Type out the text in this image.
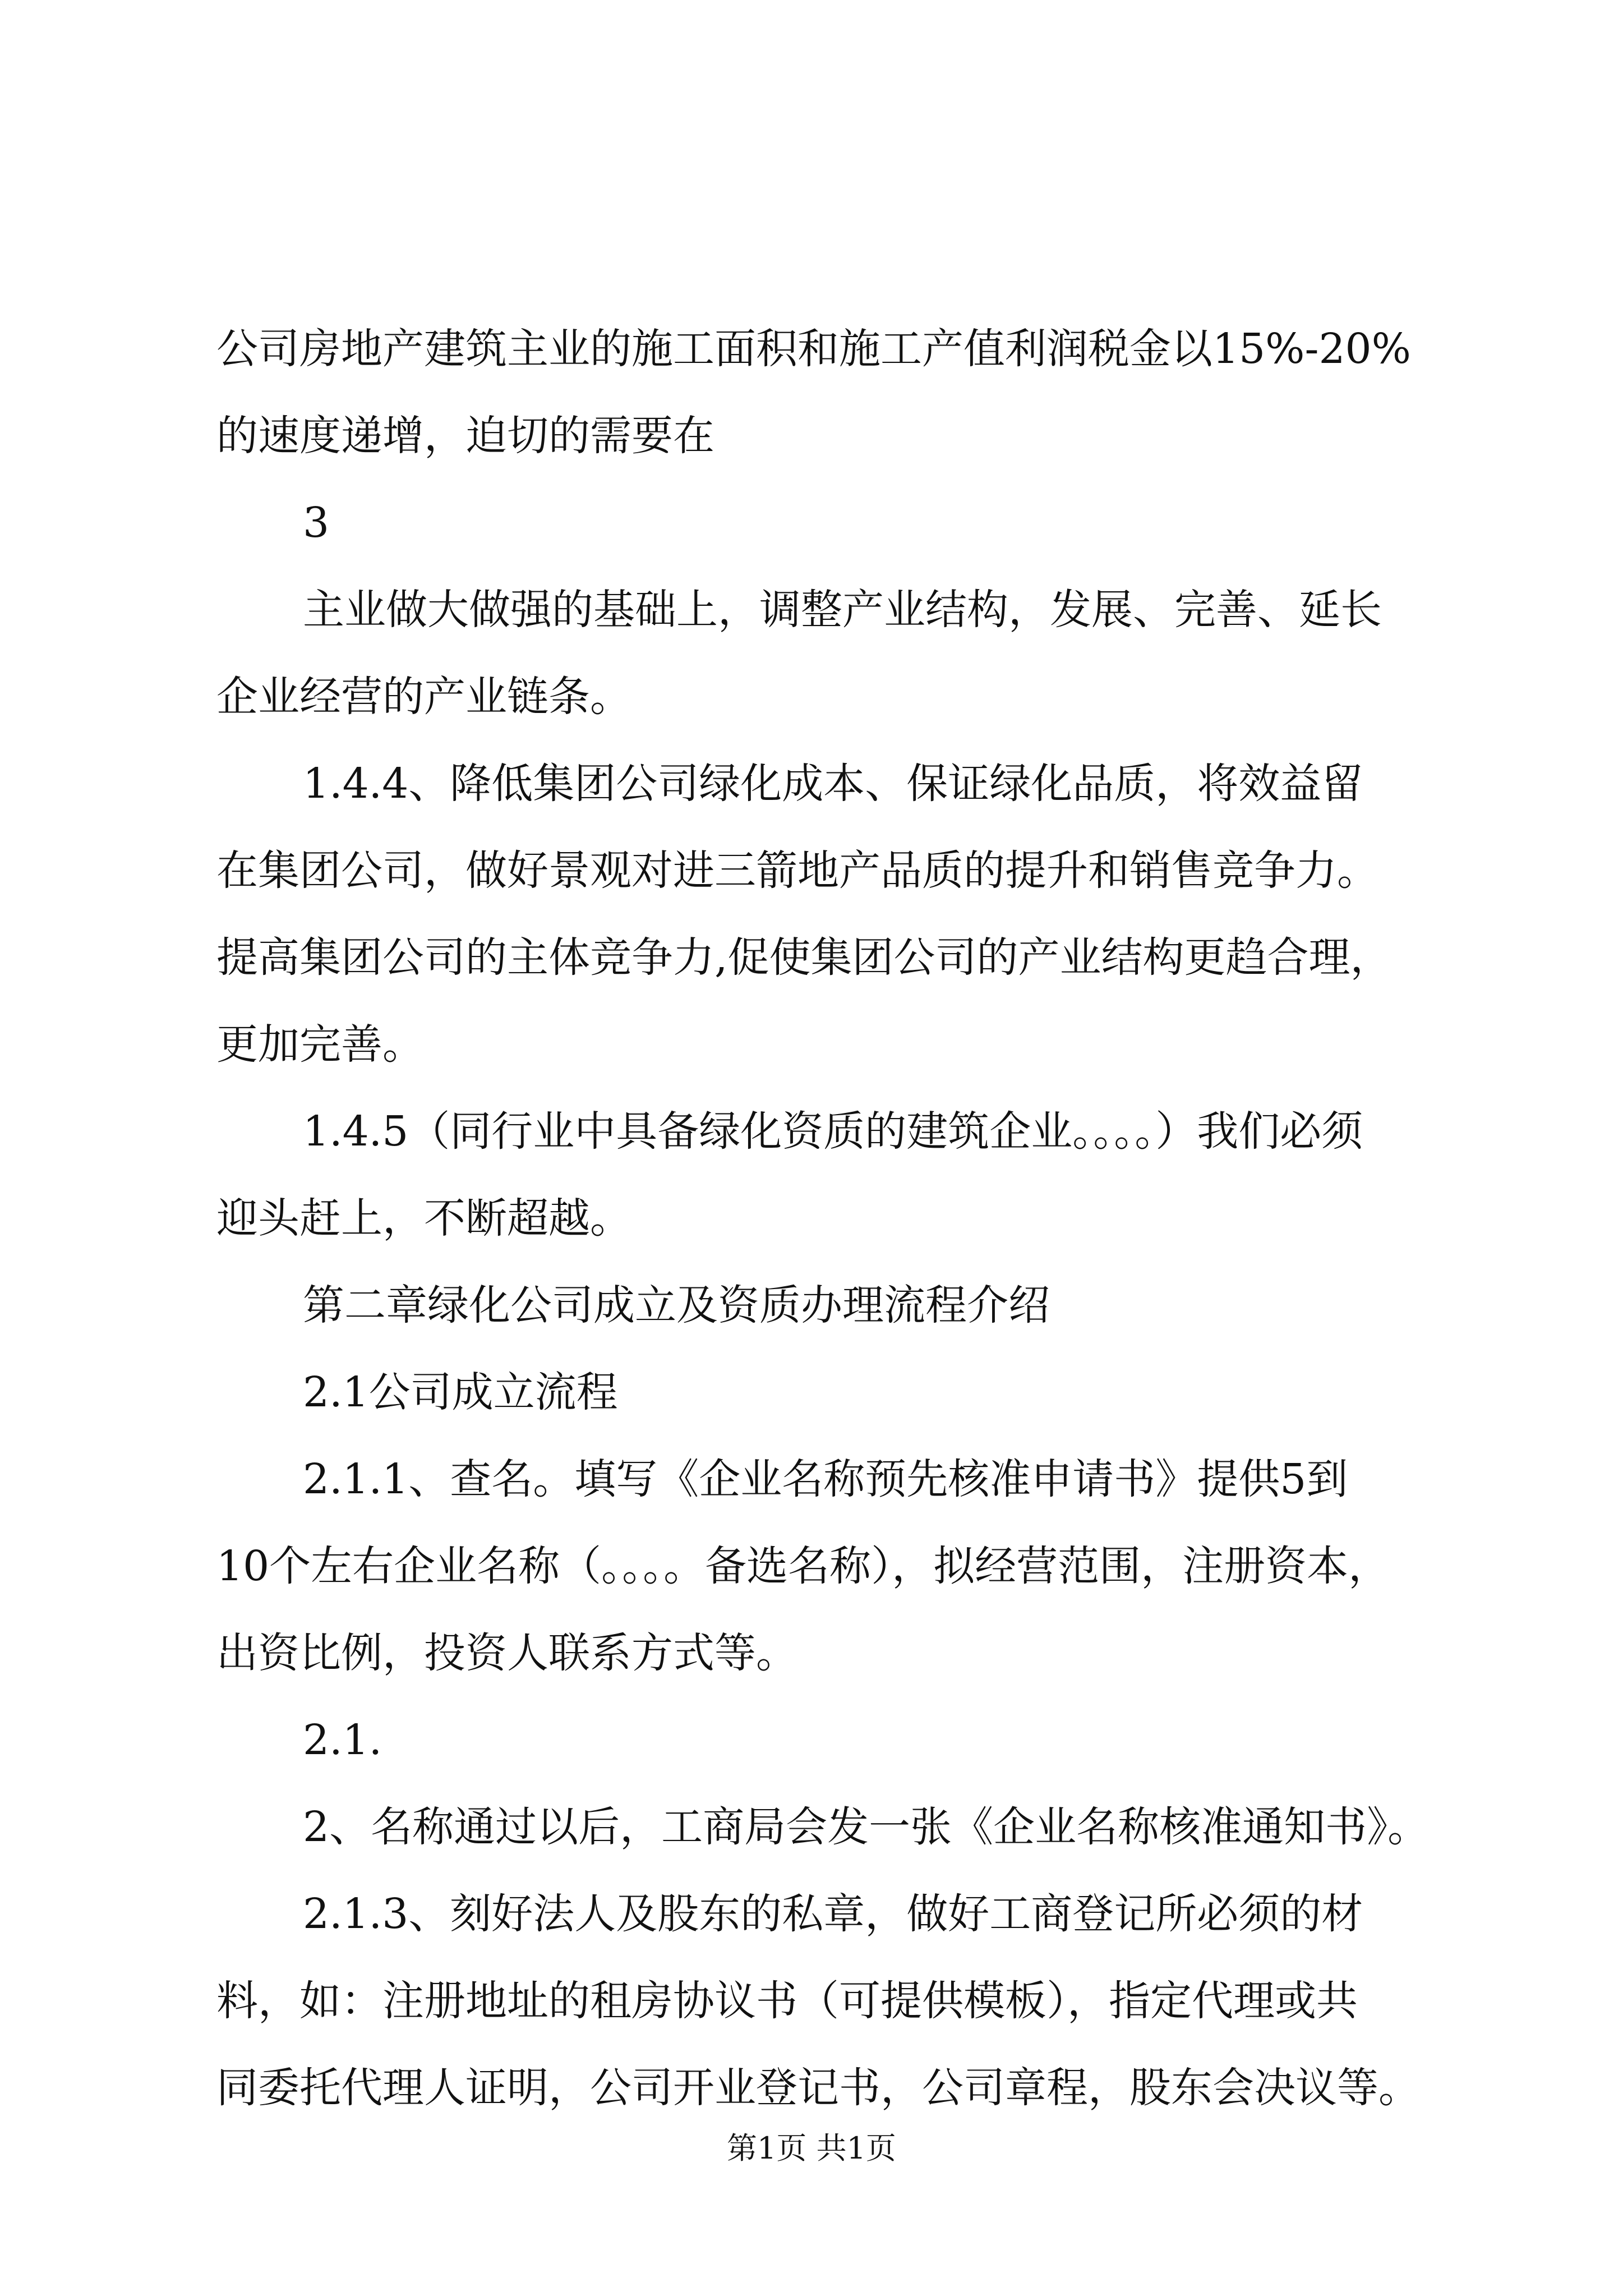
公司房地产建筑主业的施工面积和施工产值利润税金以15%-20%

的速度递增，迫切的需要在

3

主业做大做强的基础上，调整产业结构，发展、完善、延长

企业经营的产业链条。

1.4.4、降低集团公司绿化成本、保证绿化品质，将效益留

在集团公司，做好景观对进三箭地产品质的提升和销售竞争力。

提高集团公司的主体竞争力,促使集团公司的产业结构更趋合理，

更加完善。

1.4.5（同行业中具备绿化资质的建筑企业。。。。）我们必须

迎头赶上，不断超越。

第二章绿化公司成立及资质办理流程介绍

2.1公司成立流程

2.1.1、查名。填写《企业名称预先核准申请书》提供5到

10个左右企业名称（。。。。备选名称），拟经营范围，注册资本，

出资比例，投资人联系方式等。

2.1.

2、名称通过以后，工商局会发一张《企业名称核准通知书》。

2.1.3、刻好法人及股东的私章，做好工商登记所必须的材

料，如：注册地址的租房协议书（可提供模板），指定代理或共

同委托代理人证明，公司开业登记书，公司章程，股东会决议等。

第1页 共1页
